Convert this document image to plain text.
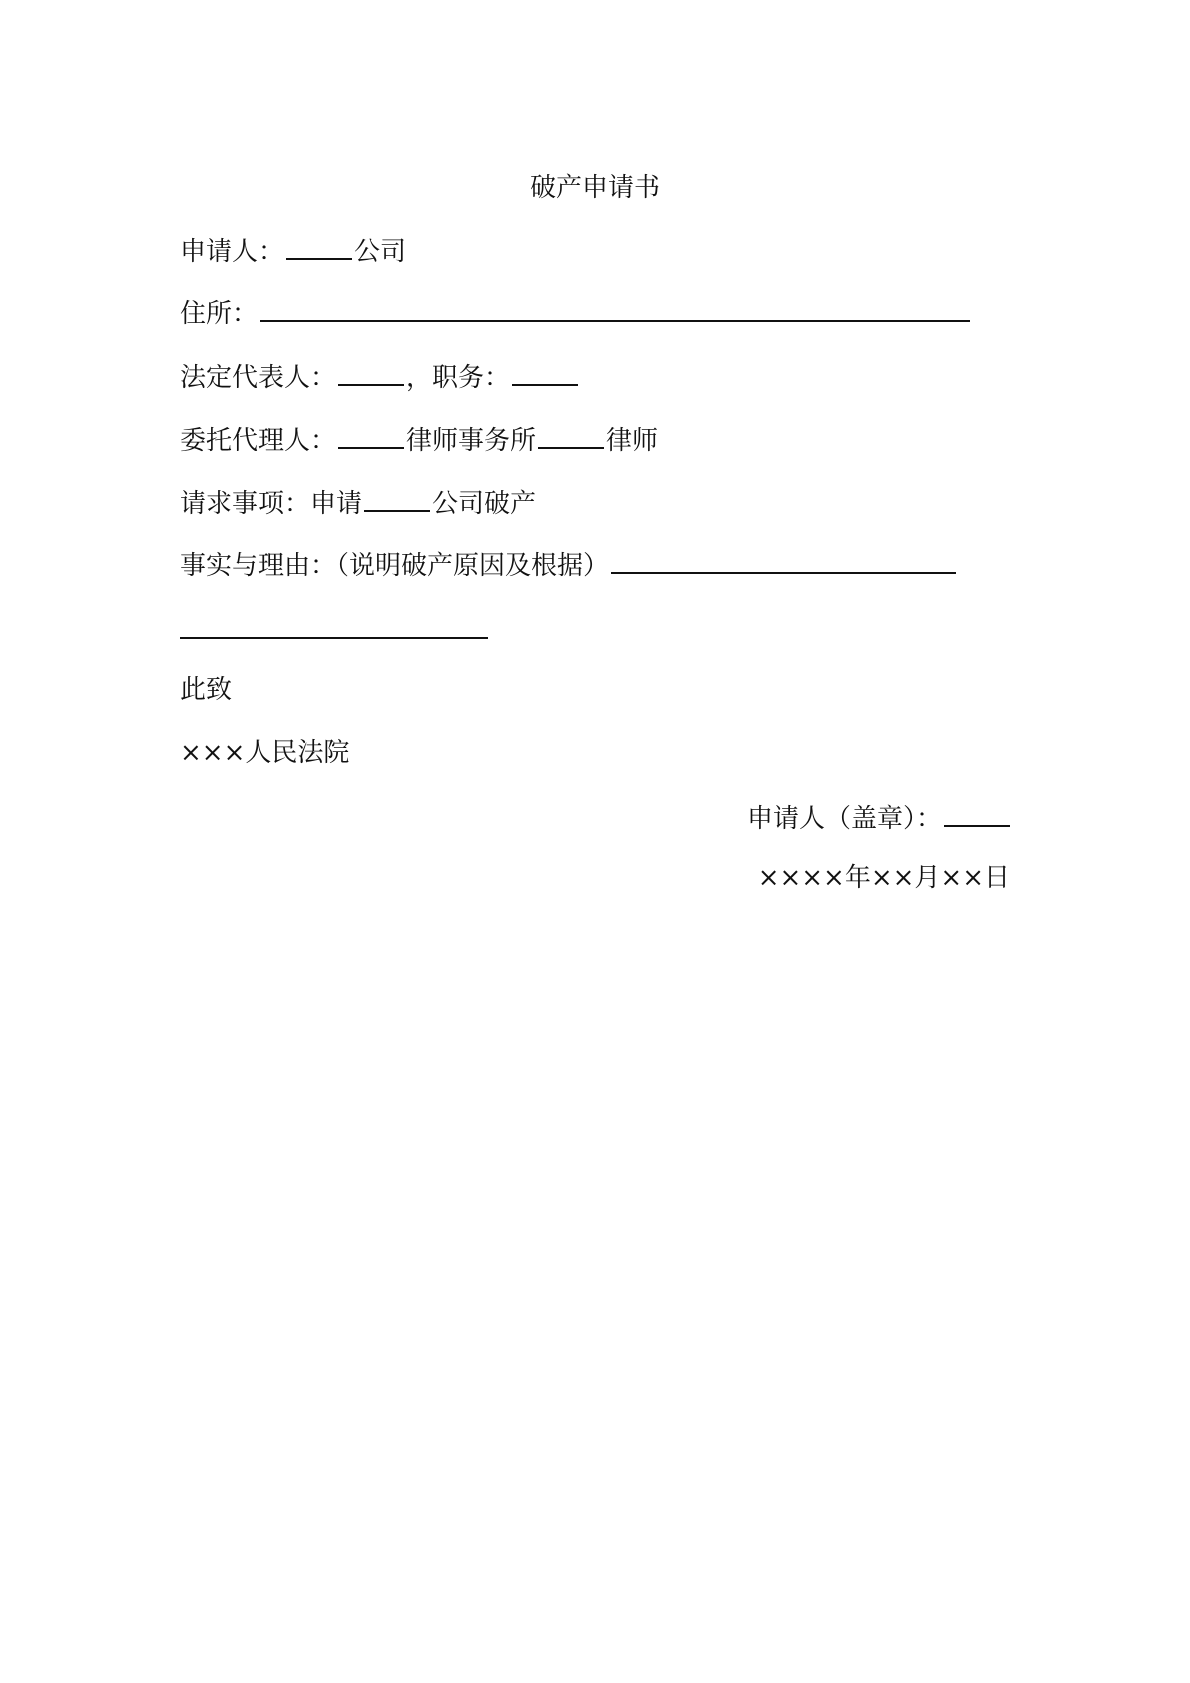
破产申请书
申请人：	公司
住所：
法定代表人：	，职务：
委托代理人：	律师事务所	律师
请求事项：申请	公司破产
事实与理由：（说明破产原因及根据）
此致
×××人民法院
申请人（盖章）：
××××年××月××日
